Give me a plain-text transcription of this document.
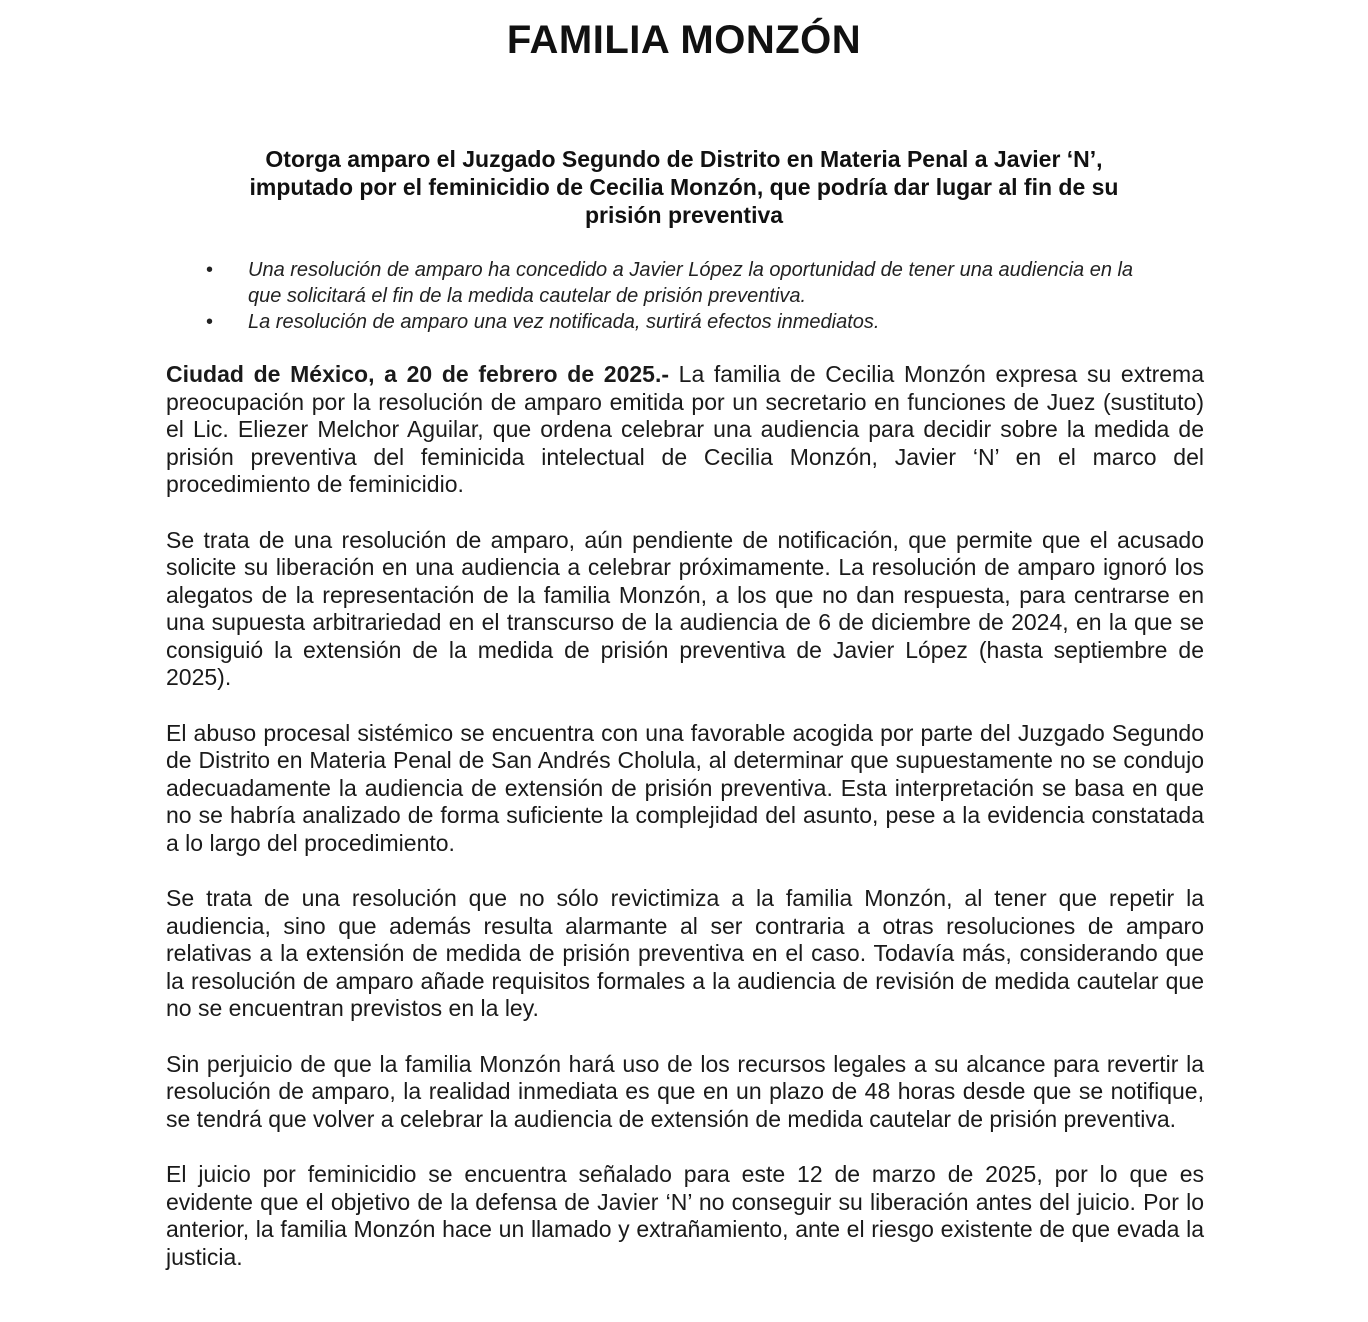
FAMILIA MONZÓN
Otorga amparo el Juzgado Segundo de Distrito en Materia Penal a Javier ‘N’,
imputado por el feminicidio de Cecilia Monzón, que podría dar lugar al fin de su
prisión preventiva
• Una resolución de amparo ha concedido a Javier López la oportunidad de tener una audiencia en la que solicitará el fin de la medida cautelar de prisión preventiva.
• La resolución de amparo una vez notificada, surtirá efectos inmediatos.

Ciudad de México, a 20 de febrero de 2025.- La familia de Cecilia Monzón expresa su extrema preocupación por la resolución de amparo emitida por un secretario en funciones de Juez (sustituto) el Lic. Eliezer Melchor Aguilar, que ordena celebrar una audiencia para decidir sobre la medida de prisión preventiva del feminicida intelectual de Cecilia Monzón, Javier ‘N’ en el marco del procedimiento de feminicidio.

Se trata de una resolución de amparo, aún pendiente de notificación, que permite que el acusado solicite su liberación en una audiencia a celebrar próximamente. La resolución de amparo ignoró los alegatos de la representación de la familia Monzón, a los que no dan respuesta, para centrarse en una supuesta arbitrariedad en el transcurso de la audiencia de 6 de diciembre de 2024, en la que se consiguió la extensión de la medida de prisión preventiva de Javier López (hasta septiembre de 2025).

El abuso procesal sistémico se encuentra con una favorable acogida por parte del Juzgado Segundo de Distrito en Materia Penal de San Andrés Cholula, al determinar que supuestamente no se condujo adecuadamente la audiencia de extensión de prisión preventiva. Esta interpretación se basa en que no se habría analizado de forma suficiente la complejidad del asunto, pese a la evidencia constatada a lo largo del procedimiento.

Se trata de una resolución que no sólo revictimiza a la familia Monzón, al tener que repetir la audiencia, sino que además resulta alarmante al ser contraria a otras resoluciones de amparo relativas a la extensión de medida de prisión preventiva en el caso. Todavía más, considerando que la resolución de amparo añade requisitos formales a la audiencia de revisión de medida cautelar que no se encuentran previstos en la ley.

Sin perjuicio de que la familia Monzón hará uso de los recursos legales a su alcance para revertir la resolución de amparo, la realidad inmediata es que en un plazo de 48 horas desde que se notifique, se tendrá que volver a celebrar la audiencia de extensión de medida cautelar de prisión preventiva.

El juicio por feminicidio se encuentra señalado para este 12 de marzo de 2025, por lo que es evidente que el objetivo de la defensa de Javier ‘N’ no conseguir su liberación antes del juicio. Por lo anterior, la familia Monzón hace un llamado y extrañamiento, ante el riesgo existente de que evada la justicia.
